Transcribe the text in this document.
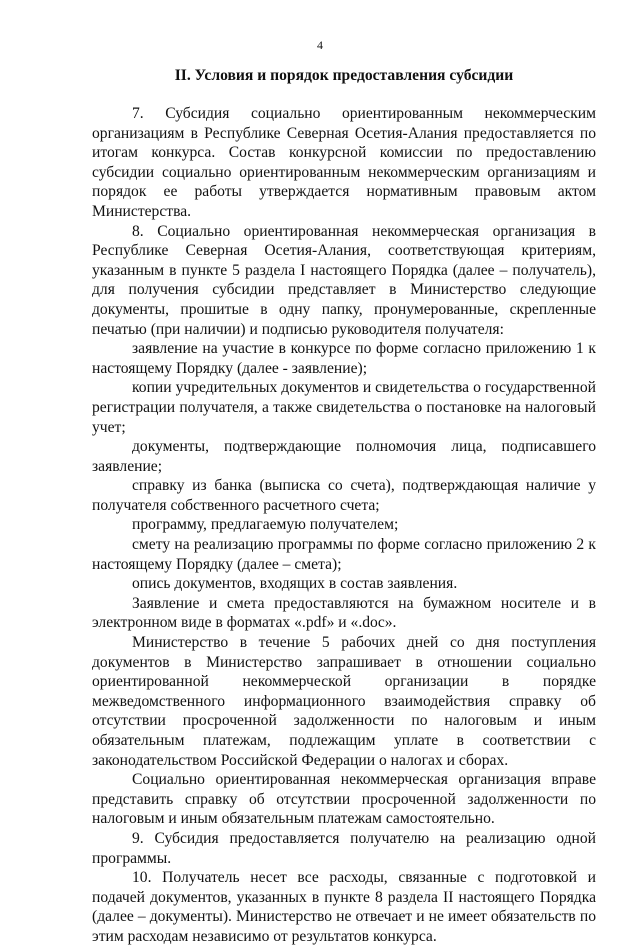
4
II. Условия и порядок предоставления субсидии

7. Субсидия социально ориентированным некоммерческим организациям в Республике Северная Осетия-Алания предоставляется по итогам конкурса. Состав конкурсной комиссии по предоставлению субсидии социально ориентированным некоммерческим организациям и порядок ее работы утверждается нормативным правовым актом Министерства.

8. Социально ориентированная некоммерческая организация в Республике Северная Осетия-Алания, соответствующая критериям, указанным в пункте 5 раздела I настоящего Порядка (далее – получатель), для получения субсидии представляет в Министерство следующие документы, прошитые в одну папку, пронумерованные, скрепленные печатью (при наличии) и подписью руководителя получателя:

заявление на участие в конкурсе по форме согласно приложению 1 к настоящему Порядку (далее - заявление);

копии учредительных документов и свидетельства о государственной регистрации получателя, а также свидетельства о постановке на налоговый учет;

документы, подтверждающие полномочия лица, подписавшего заявление;

справку из банка (выписка со счета), подтверждающая наличие у получателя собственного расчетного счета;

программу, предлагаемую получателем;

смету на реализацию программы по форме согласно приложению 2 к настоящему Порядку (далее – смета);

опись документов, входящих в состав заявления.

Заявление и смета предоставляются на бумажном носителе и в электронном виде в форматах «.pdf» и «.doc».

Министерство в течение 5 рабочих дней со дня поступления документов в Министерство запрашивает в отношении социально ориентированной некоммерческой организации в порядке межведомственного информационного взаимодействия справку об отсутствии просроченной задолженности по налоговым и иным обязательным платежам, подлежащим уплате в соответствии с законодательством Российской Федерации о налогах и сборах.

Социально ориентированная некоммерческая организация вправе представить справку об отсутствии просроченной задолженности по налоговым и иным обязательным платежам самостоятельно.

9. Субсидия предоставляется получателю на реализацию одной программы.

10. Получатель несет все расходы, связанные с подготовкой и подачей документов, указанных в пункте 8 раздела II настоящего Порядка (далее – документы). Министерство не отвечает и не имеет обязательств по этим расходам независимо от результатов конкурса.
